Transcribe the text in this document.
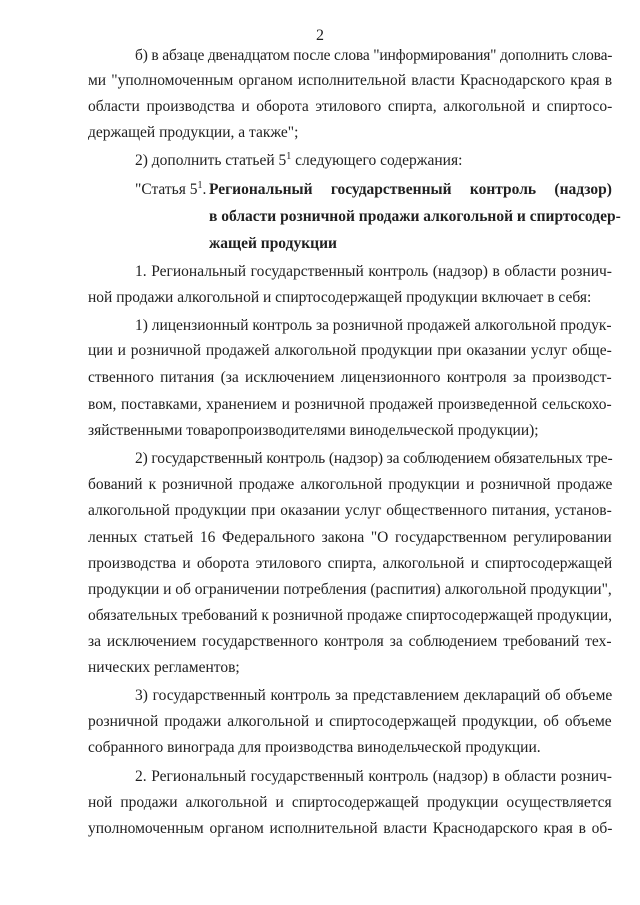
2
б) в абзаце двенадцатом после слова "информирования" дополнить слова-
ми "уполномоченным органом исполнительной власти Краснодарского края в
области производства и оборота этилового спирта, алкогольной и спиртосо-
держащей продукции, а также";
2) дополнить статьей $5^1$ следующего содержания:
"Статья $5^1$. Региональный государственный контроль (надзор)
в области розничной продажи алкогольной и спиртосодер-
жащей продукции
1. Региональный государственный контроль (надзор) в области рознич-
ной продажи алкогольной и спиртосодержащей продукции включает в себя:
1) лицензионный контроль за розничной продажей алкогольной продук-
ции и розничной продажей алкогольной продукции при оказании услуг обще-
ственного питания (за исключением лицензионного контроля за производст-
вом, поставками, хранением и розничной продажей произведенной сельскохо-
зяйственными товаропроизводителями винодельческой продукции);
2) государственный контроль (надзор) за соблюдением обязательных тре-
бований к розничной продаже алкогольной продукции и розничной продаже
алкогольной продукции при оказании услуг общественного питания, установ-
ленных статьей 16 Федерального закона "О государственном регулировании
производства и оборота этилового спирта, алкогольной и спиртосодержащей
продукции и об ограничении потребления (распития) алкогольной продукции",
обязательных требований к розничной продаже спиртосодержащей продукции,
за исключением государственного контроля за соблюдением требований тех-
нических регламентов;
3) государственный контроль за представлением деклараций об объеме
розничной продажи алкогольной и спиртосодержащей продукции, об объеме
собранного винограда для производства винодельческой продукции.
2. Региональный государственный контроль (надзор) в области рознич-
ной продажи алкогольной и спиртосодержащей продукции осуществляется
уполномоченным органом исполнительной власти Краснодарского края в об-
